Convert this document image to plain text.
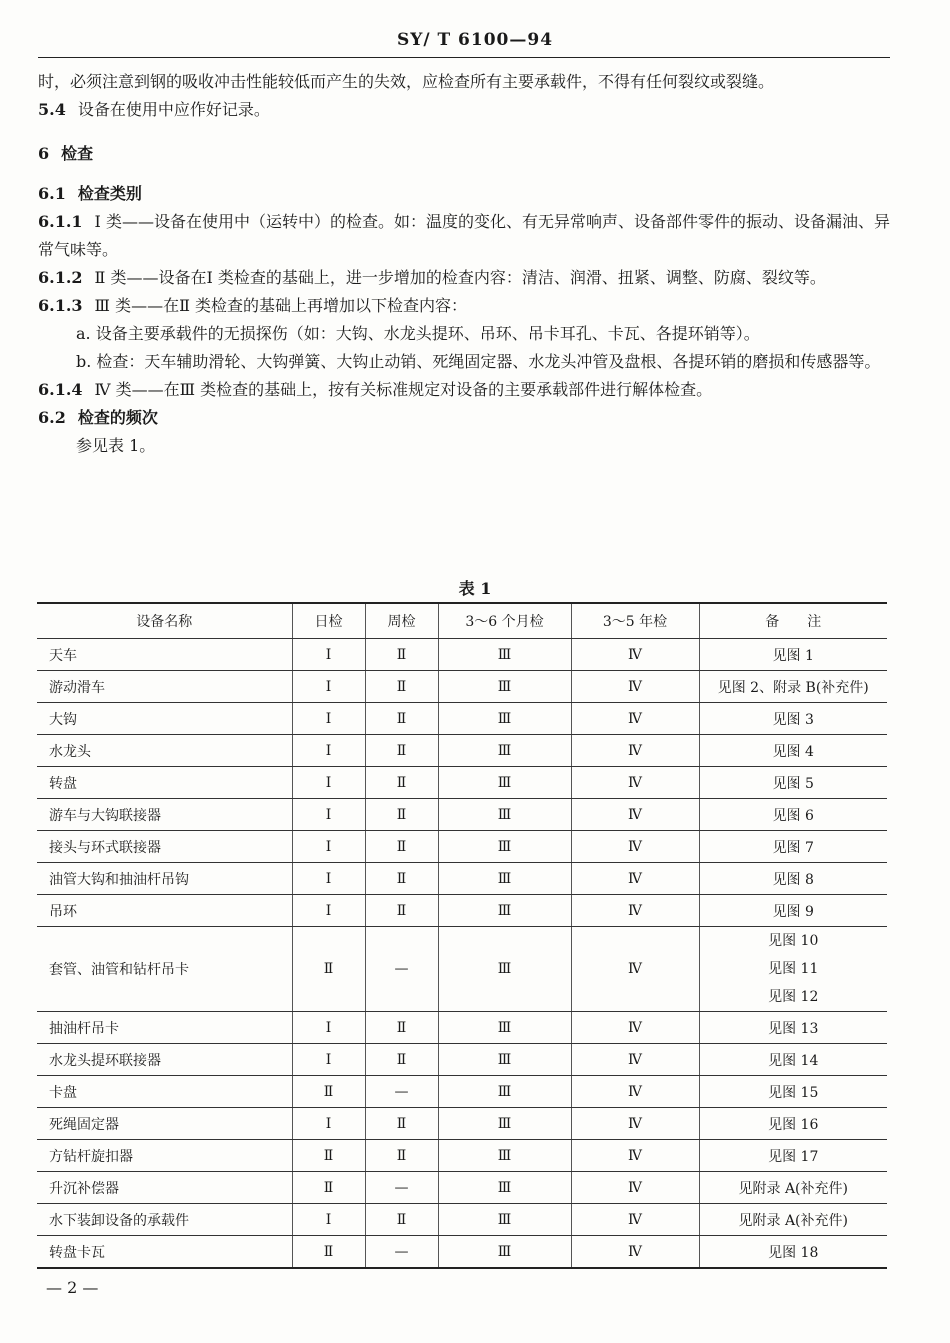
SY/ T 6100—94

时，必须注意到钢的吸收冲击性能较低而产生的失效，应检查所有主要承载件，不得有任何裂纹或裂缝。

5.4 设备在使用中应作好记录。

6 检查

6.1 检查类别

6.1.1 Ⅰ 类——设备在使用中（运转中）的检查。如：温度的变化、有无异常响声、设备部件零件的振动、设备漏油、异常气味等。

6.1.2 Ⅱ 类——设备在Ⅰ 类检查的基础上，进一步增加的检查内容：清洁、润滑、扭紧、调整、防腐、裂纹等。

6.1.3 Ⅲ 类——在Ⅱ 类检查的基础上再增加以下检查内容：

a. 设备主要承载件的无损探伤（如：大钩、水龙头提环、吊环、吊卡耳孔、卡瓦、各提环销等）。

b. 检查：天车辅助滑轮、大钩弹簧、大钩止动销、死绳固定器、水龙头冲管及盘根、各提环销的磨损和传感器等。

6.1.4 Ⅳ 类——在Ⅲ 类检查的基础上，按有关标准规定对设备的主要承载部件进行解体检查。

6.2 检查的频次

参见表 1。

表 1
设备名称	日检	周检	3～6 个月检	3～5 年检	备　　注
天车	Ⅰ	Ⅱ	Ⅲ	Ⅳ	见图 1
游动滑车	Ⅰ	Ⅱ	Ⅲ	Ⅳ	见图 2、附录 B(补充件)
大钩	Ⅰ	Ⅱ	Ⅲ	Ⅳ	见图 3
水龙头	Ⅰ	Ⅱ	Ⅲ	Ⅳ	见图 4
转盘	Ⅰ	Ⅱ	Ⅲ	Ⅳ	见图 5
游车与大钩联接器	Ⅰ	Ⅱ	Ⅲ	Ⅳ	见图 6
接头与环式联接器	Ⅰ	Ⅱ	Ⅲ	Ⅳ	见图 7
油管大钩和抽油杆吊钩	Ⅰ	Ⅱ	Ⅲ	Ⅳ	见图 8
吊环	Ⅰ	Ⅱ	Ⅲ	Ⅳ	见图 9
套管、油管和钻杆吊卡	Ⅱ	—	Ⅲ	Ⅳ	见图 10
见图 11
见图 12

抽油杆吊卡	Ⅰ	Ⅱ	Ⅲ	Ⅳ	见图 13
水龙头提环联接器	Ⅰ	Ⅱ	Ⅲ	Ⅳ	见图 14
卡盘	Ⅱ	—	Ⅲ	Ⅳ	见图 15
死绳固定器	Ⅰ	Ⅱ	Ⅲ	Ⅳ	见图 16
方钻杆旋扣器	Ⅱ	Ⅱ	Ⅲ	Ⅳ	见图 17
升沉补偿器	Ⅱ	—	Ⅲ	Ⅳ	见附录 A(补充件)
水下装卸设备的承载件	Ⅰ	Ⅱ	Ⅲ	Ⅳ	见附录 A(补充件)
转盘卡瓦	Ⅱ	—	Ⅲ	Ⅳ	见图 18
— 2 —
